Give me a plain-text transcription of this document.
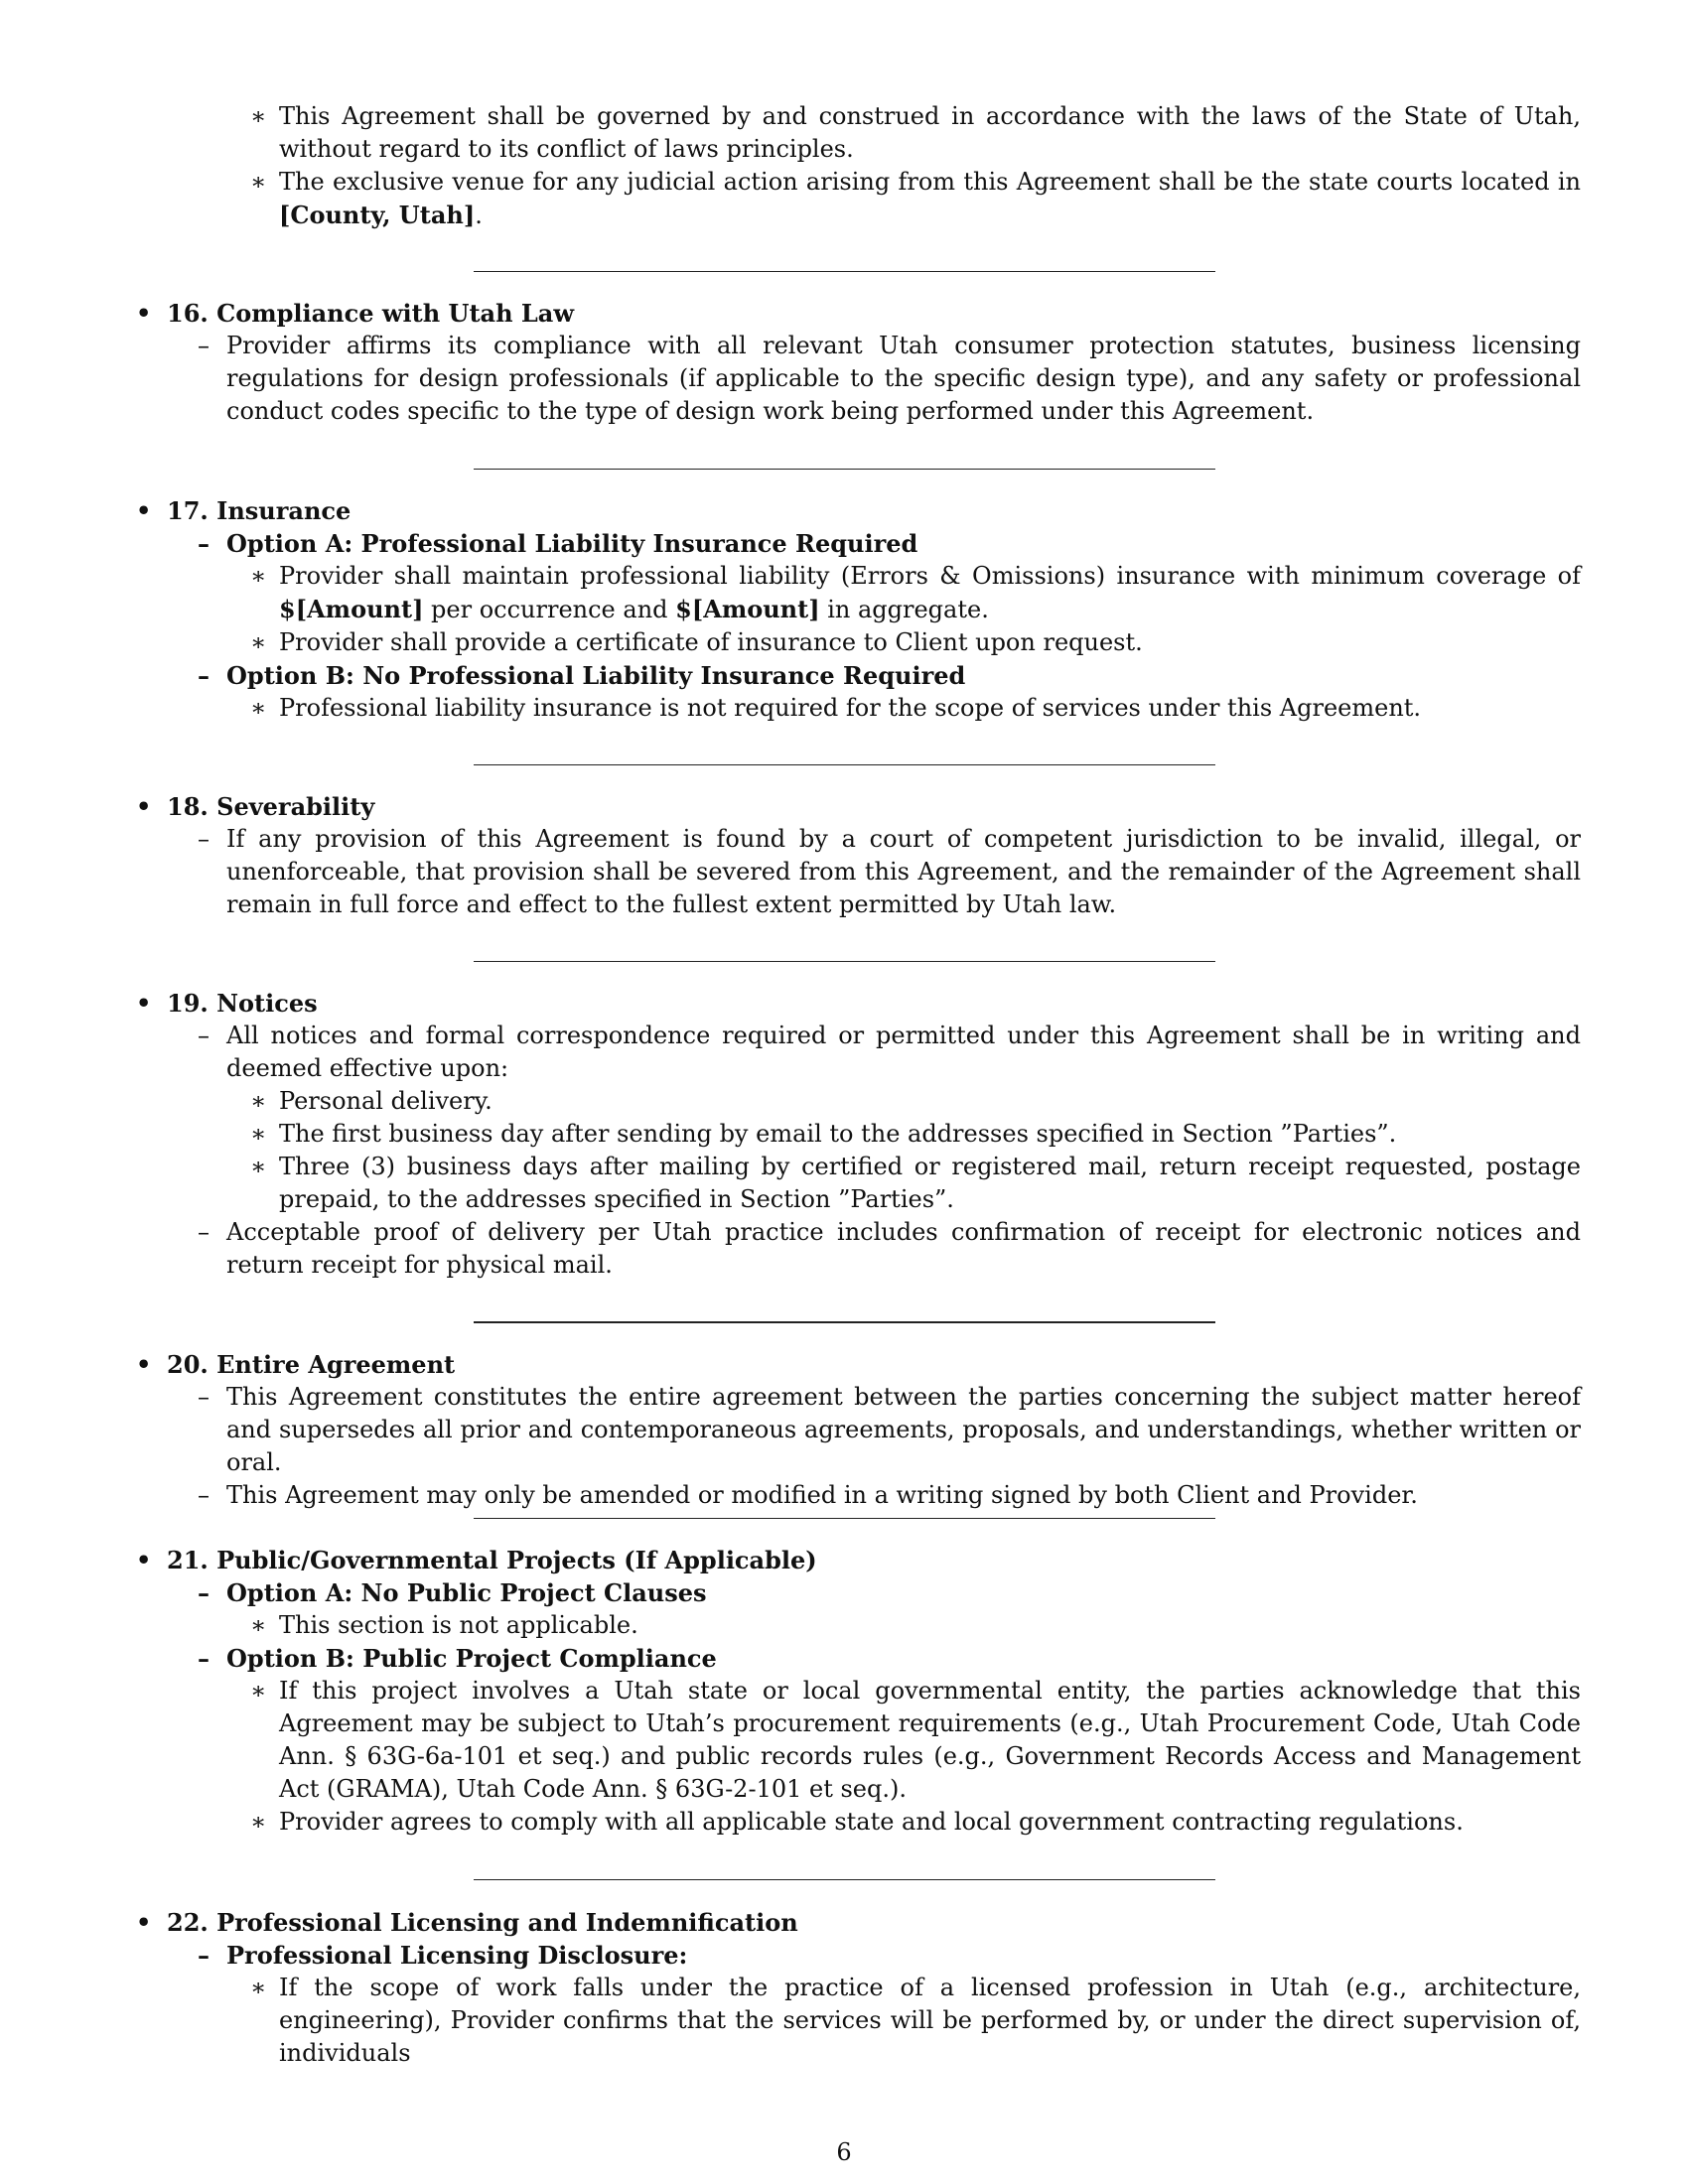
∗ This Agreement shall be governed by and construed in accordance with the laws of the State of Utah, without regard to its conflict of laws principles.
∗ The exclusive venue for any judicial action arising from this Agreement shall be the state courts located in [County, Utah].
• 16. Compliance with Utah Law
– Provider affirms its compliance with all relevant Utah consumer protection statutes, business licensing regulations for design professionals (if applicable to the specific design type), and any safety or professional conduct codes specific to the type of design work being performed under this Agreement.
• 17. Insurance
– Option A: Professional Liability Insurance Required
∗ Provider shall maintain professional liability (Errors & Omissions) insurance with minimum coverage of $[Amount] per occurrence and $[Amount] in aggregate.
∗ Provider shall provide a certificate of insurance to Client upon request.
– Option B: No Professional Liability Insurance Required
∗ Professional liability insurance is not required for the scope of services under this Agreement.
• 18. Severability
– If any provision of this Agreement is found by a court of competent jurisdiction to be invalid, illegal, or unenforceable, that provision shall be severed from this Agreement, and the remainder of the Agreement shall remain in full force and effect to the fullest extent permitted by Utah law.
• 19. Notices
– All notices and formal correspondence required or permitted under this Agreement shall be in writing and deemed effective upon:
∗ Personal delivery.
∗ The first business day after sending by email to the addresses specified in Section ”Parties”.
∗ Three (3) business days after mailing by certified or registered mail, return receipt requested, postage prepaid, to the addresses specified in Section ”Parties”.
– Acceptable proof of delivery per Utah practice includes confirmation of receipt for electronic notices and return receipt for physical mail.
• 20. Entire Agreement
– This Agreement constitutes the entire agreement between the parties concerning the subject matter hereof and supersedes all prior and contemporaneous agreements, proposals, and understandings, whether written or oral.
– This Agreement may only be amended or modified in a writing signed by both Client and Provider.
• 21. Public/Governmental Projects (If Applicable)
– Option A: No Public Project Clauses
∗ This section is not applicable.
– Option B: Public Project Compliance
∗ If this project involves a Utah state or local governmental entity, the parties acknowledge that this Agreement may be subject to Utah’s procurement requirements (e.g., Utah Procurement Code, Utah Code Ann. § 63G-6a-101 et seq.) and public records rules (e.g., Government Records Access and Management Act (GRAMA), Utah Code Ann. § 63G-2-101 et seq.).
∗ Provider agrees to comply with all applicable state and local government contracting regulations.
• 22. Professional Licensing and Indemnification
– Professional Licensing Disclosure:
∗ If the scope of work falls under the practice of a licensed profession in Utah (e.g., architecture, engineering), Provider confirms that the services will be performed by, or under the direct supervision of, individuals
6
